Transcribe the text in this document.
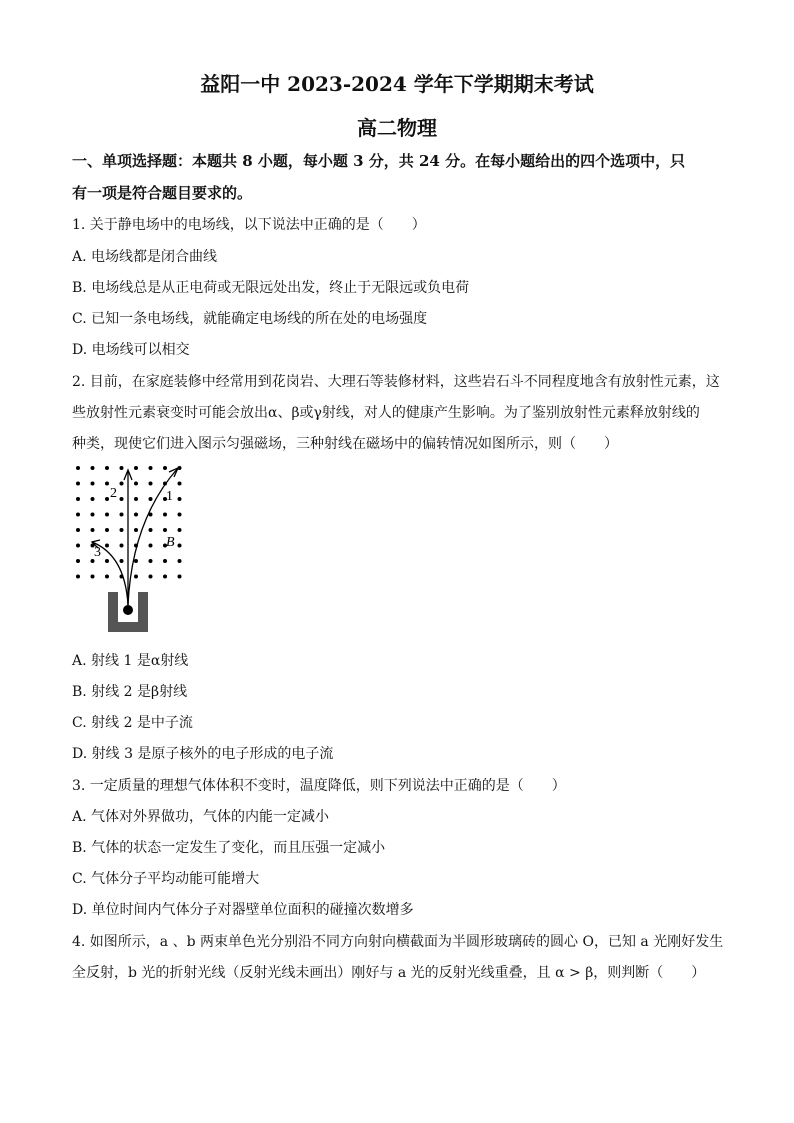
益阳一中 2023-2024 学年下学期期末考试
高二物理
一、单项选择题：本题共 8 小题，每小题 3 分，共 24 分。在每小题给出的四个选项中，只
有一项是符合题目要求的。
1. 关于静电场中的电场线，以下说法中正确的是（　　）
A. 电场线都是闭合曲线
B. 电场线总是从正电荷或无限远处出发，终止于无限远或负电荷
C. 已知一条电场线，就能确定电场线的所在处的电场强度
D. 电场线可以相交
2. 目前，在家庭装修中经常用到花岗岩、大理石等装修材料，这些岩石斗不同程度地含有放射性元素，这
些放射性元素衰变时可能会放出α、β或γ射线，对人的健康产生影响。为了鉴别放射性元素释放射线的
种类，现使它们进入图示匀强磁场，三种射线在磁场中的偏转情况如图所示，则（　　）
2	1
3
B
A. 射线 1 是α射线
B. 射线 2 是β射线
C. 射线 2 是中子流
D. 射线 3 是原子核外的电子形成的电子流
3. 一定质量的理想气体体积不变时，温度降低，则下列说法中正确的是（　　）
A. 气体对外界做功，气体的内能一定减小
B. 气体的状态一定发生了变化，而且压强一定减小
C. 气体分子平均动能可能增大
D. 单位时间内气体分子对器壁单位面积的碰撞次数增多
4. 如图所示，a 、b 两束单色光分别沿不同方向射向横截面为半圆形玻璃砖的圆心 O，已知 a 光刚好发生
全反射，b 光的折射光线（反射光线未画出）刚好与 a 光的反射光线重叠，且 α > β，则判断（　　）
